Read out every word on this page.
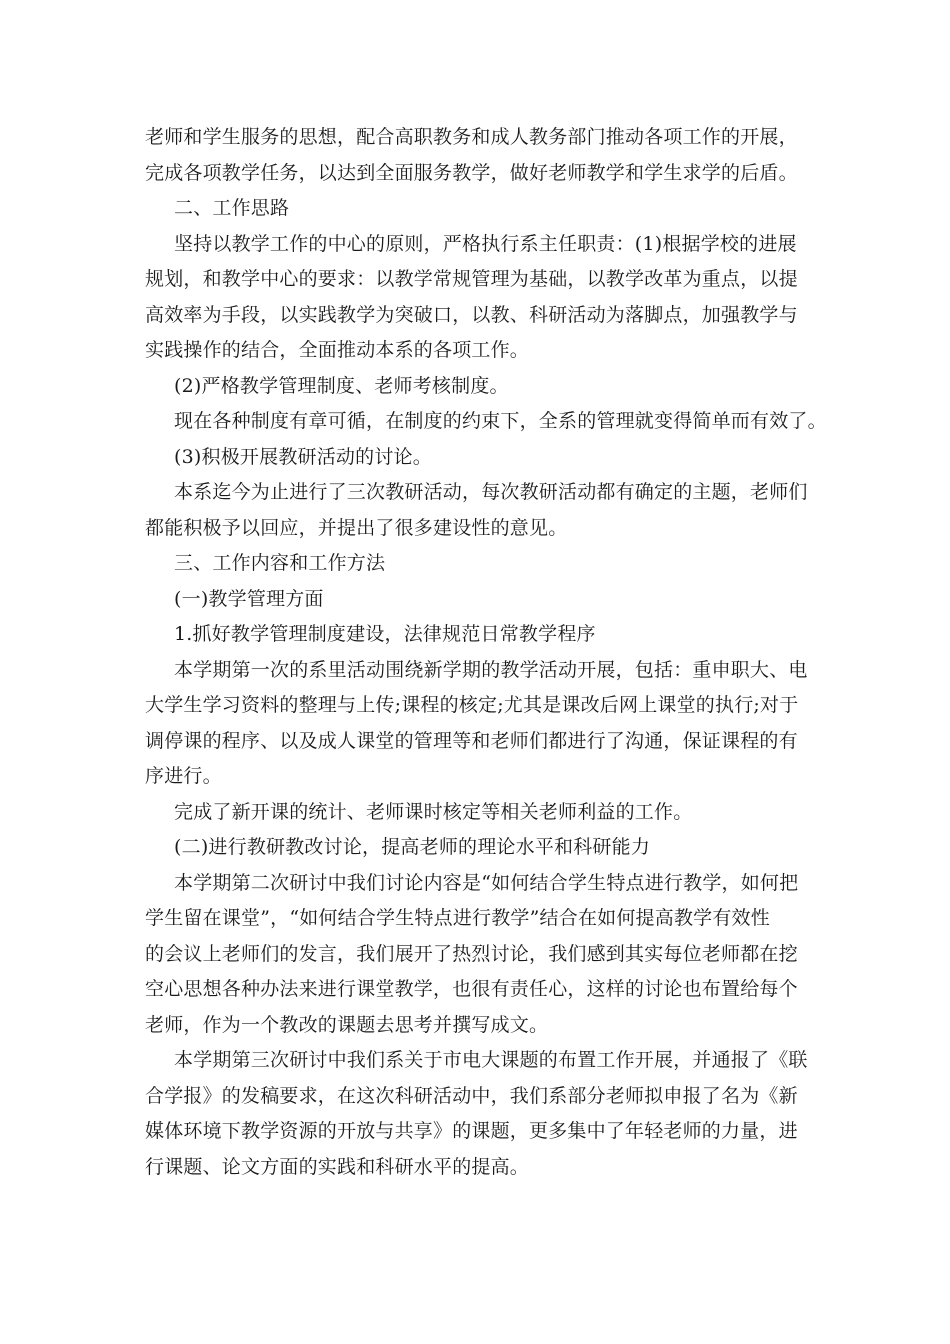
老师和学生服务的思想，配合高职教务和成人教务部门推动各项工作的开展，
完成各项教学任务，以达到全面服务教学，做好老师教学和学生求学的后盾。
二、工作思路
坚持以教学工作的中心的原则，严格执行系主任职责：(1)根据学校的进展
规划，和教学中心的要求：以教学常规管理为基础，以教学改革为重点，以提
高效率为手段，以实践教学为突破口，以教、科研活动为落脚点，加强教学与
实践操作的结合，全面推动本系的各项工作。
(2)严格教学管理制度、老师考核制度。
现在各种制度有章可循，在制度的约束下，全系的管理就变得简单而有效了。
(3)积极开展教研活动的讨论。
本系迄今为止进行了三次教研活动，每次教研活动都有确定的主题，老师们
都能积极予以回应，并提出了很多建设性的意见。
三、工作内容和工作方法
(一)教学管理方面
1.抓好教学管理制度建设，法律规范日常教学程序
本学期第一次的系里活动围绕新学期的教学活动开展，包括：重申职大、电
大学生学习资料的整理与上传;课程的核定;尤其是课改后网上课堂的执行;对于
调停课的程序、以及成人课堂的管理等和老师们都进行了沟通，保证课程的有
序进行。
完成了新开课的统计、老师课时核定等相关老师利益的工作。
(二)进行教研教改讨论，提高老师的理论水平和科研能力
本学期第二次研讨中我们讨论内容是“如何结合学生特点进行教学，如何把
学生留在课堂”，“如何结合学生特点进行教学”结合在如何提高教学有效性
的会议上老师们的发言，我们展开了热烈讨论，我们感到其实每位老师都在挖
空心思想各种办法来进行课堂教学，也很有责任心，这样的讨论也布置给每个
老师，作为一个教改的课题去思考并撰写成文。
本学期第三次研讨中我们系关于市电大课题的布置工作开展，并通报了《联
合学报》的发稿要求，在这次科研活动中，我们系部分老师拟申报了名为《新
媒体环境下教学资源的开放与共享》的课题，更多集中了年轻老师的力量，进
行课题、论文方面的实践和科研水平的提高。
